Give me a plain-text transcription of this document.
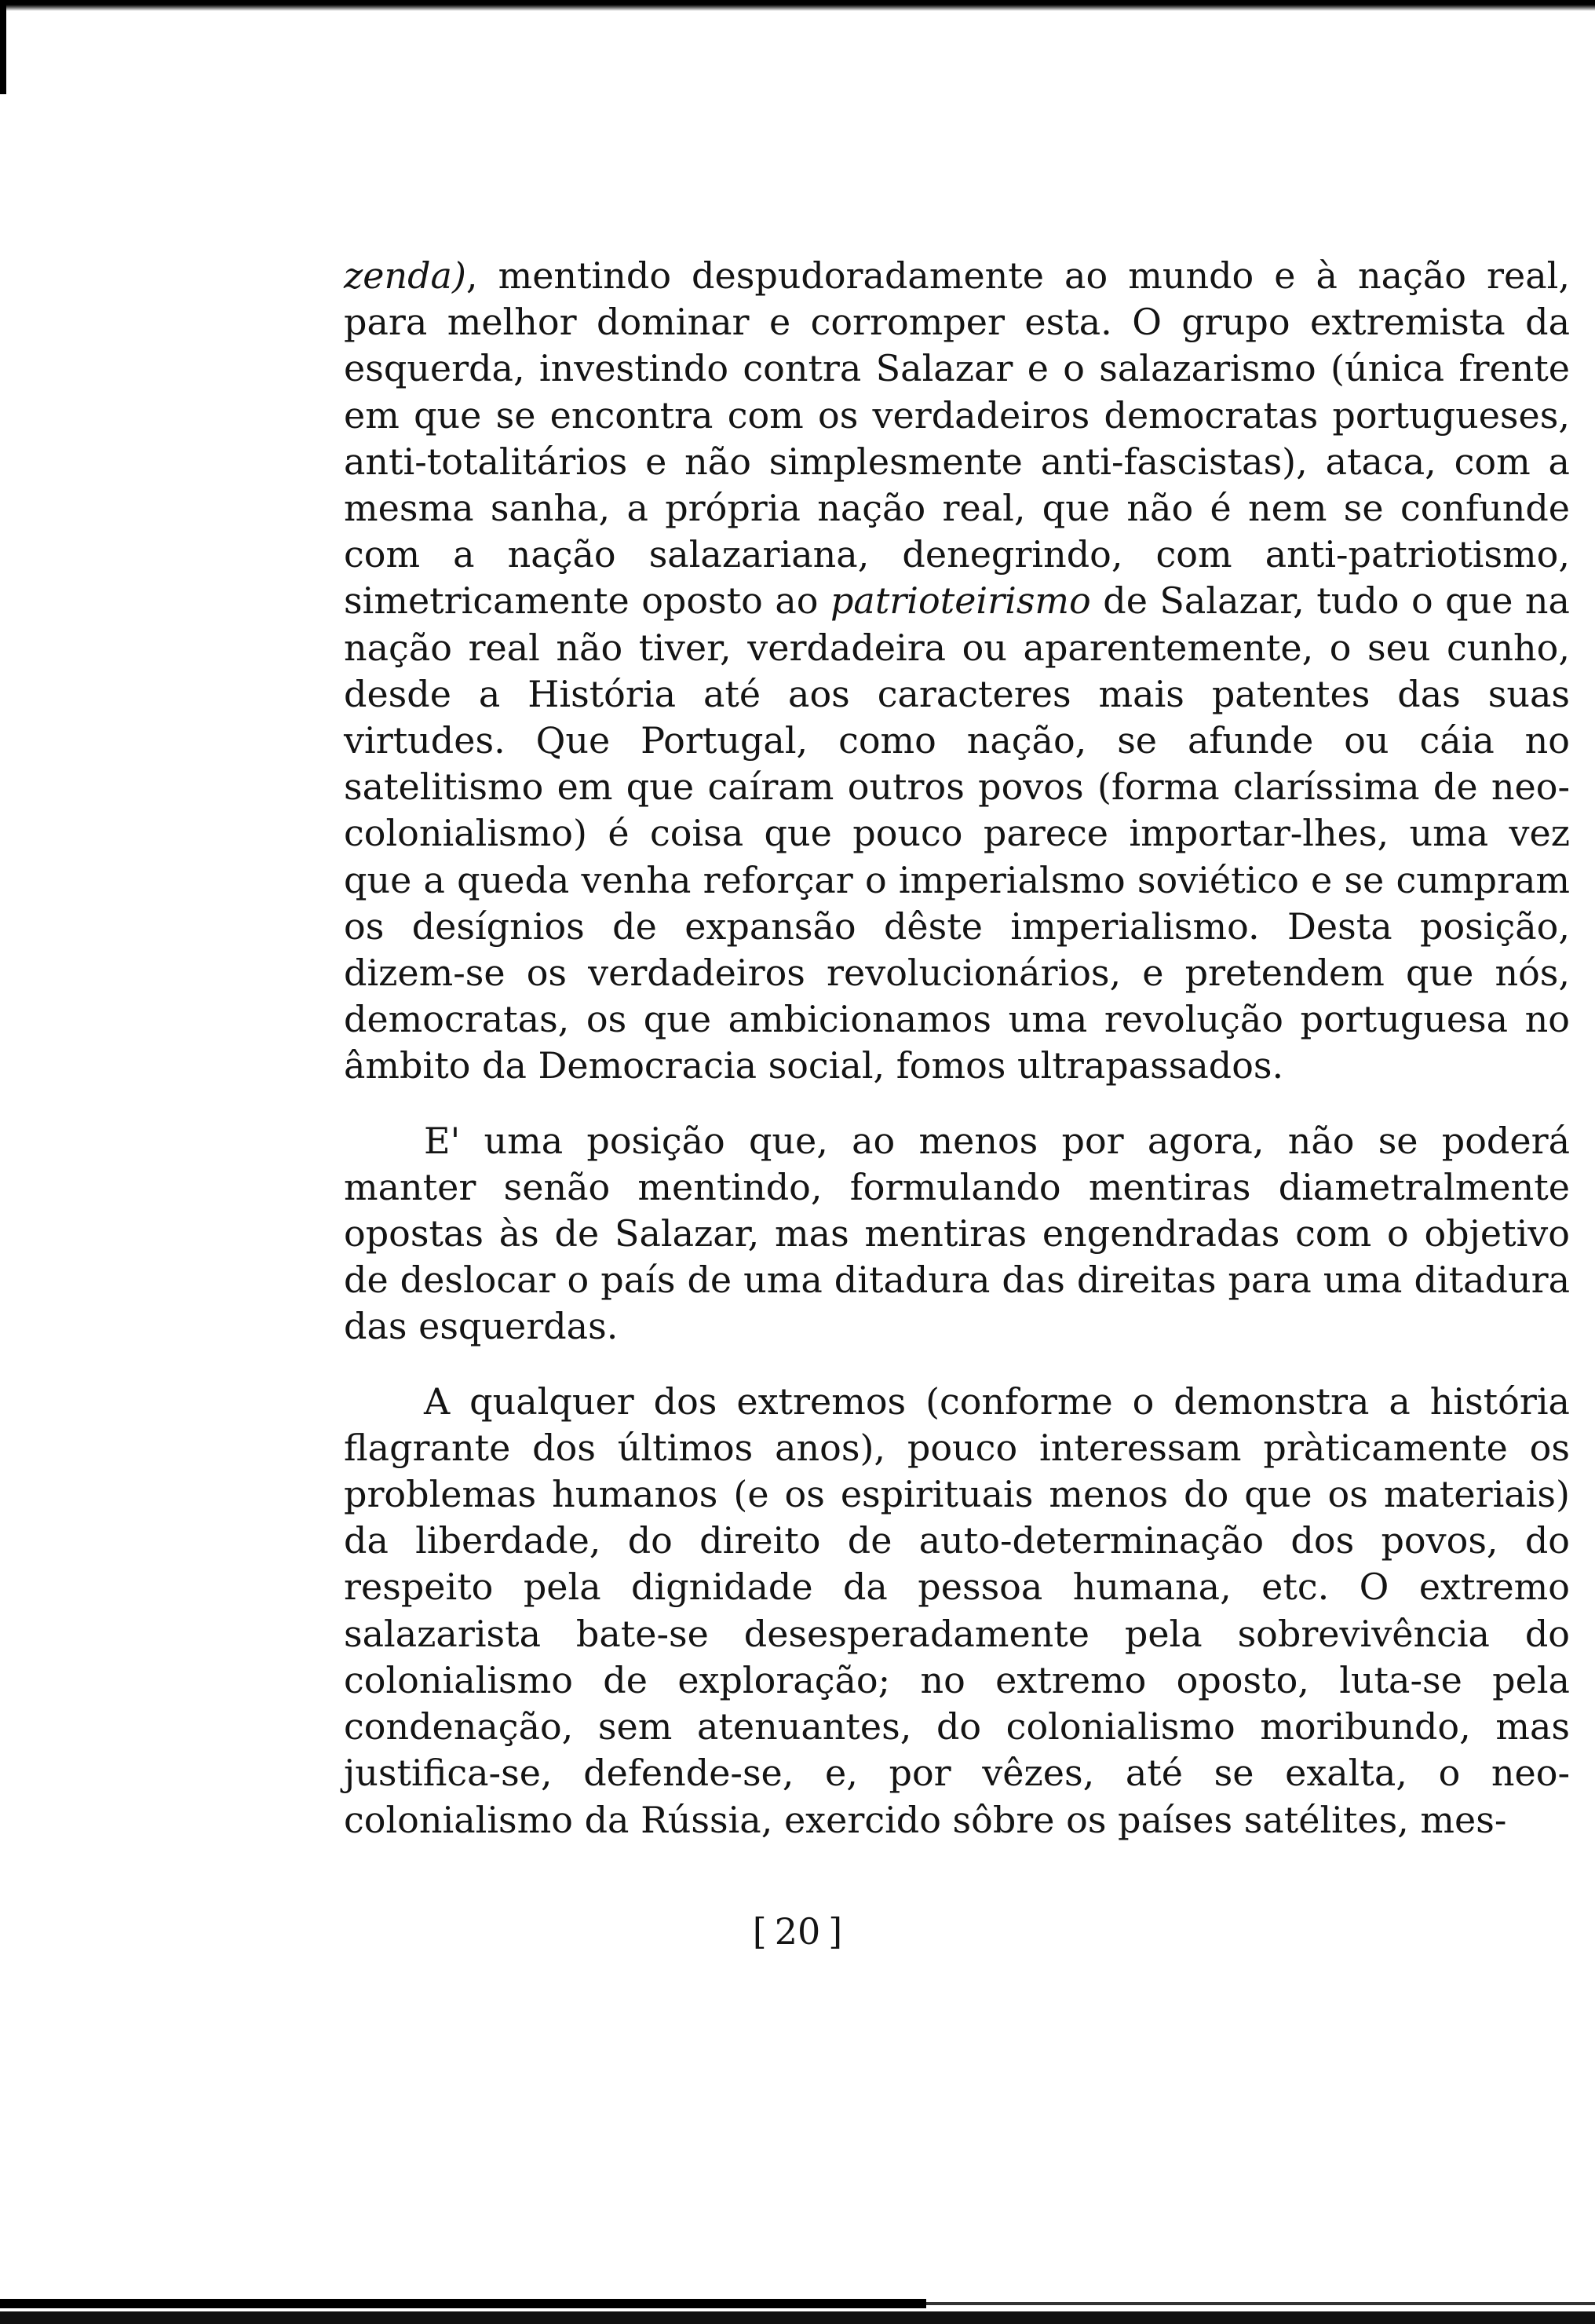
zenda), mentindo despudoradamente ao mundo e à nação real, para melhor dominar e corromper esta. O grupo extremista da esquerda, investindo contra Salazar e o salazarismo (única frente em que se encontra com os verdadeiros democratas portugueses, anti-totalitários e não simplesmente anti-fascistas), ataca, com a mesma sanha, a própria nação real, que não é nem se confunde com a nação salazariana, denegrindo, com anti-patriotismo, simetricamente oposto ao patrioteirismo de Salazar, tudo o que na nação real não tiver, verdadeira ou aparentemente, o seu cunho, desde a História até aos caracteres mais patentes das suas virtudes. Que Portugal, como nação, se afunde ou cáia no satelitismo em que caíram outros povos (forma claríssima de neo-colonialismo) é coisa que pouco parece importar-lhes, uma vez que a queda venha reforçar o imperialsmo soviético e se cumpram os desígnios de expansão dêste imperialismo. Desta posição, dizem-se os verdadeiros revolucionários, e pretendem que nós, democratas, os que ambicionamos uma revolução portuguesa no âmbito da Democracia social, fomos ultrapassados.

E' uma posição que, ao menos por agora, não se poderá manter senão mentindo, formulando mentiras diametralmente opostas às de Salazar, mas mentiras engendradas com o objetivo de deslocar o país de uma ditadura das direitas para uma ditadura das esquerdas.

A qualquer dos extremos (conforme o demonstra a história flagrante dos últimos anos), pouco interessam pràticamente os problemas humanos (e os espirituais menos do que os materiais) da liberdade, do direito de auto-determinação dos povos, do respeito pela dignidade da pessoa humana, etc. O extremo salazarista bate-se desesperadamente pela sobrevivência do colonialismo de exploração; no extremo oposto, luta-se pela condenação, sem atenuantes, do colonialismo moribundo, mas justifica-se, defende-se, e, por vêzes, até se exalta, o neo-colonialismo da Rússia, exercido sôbre os países satélites, mes-

[ 20 ]
